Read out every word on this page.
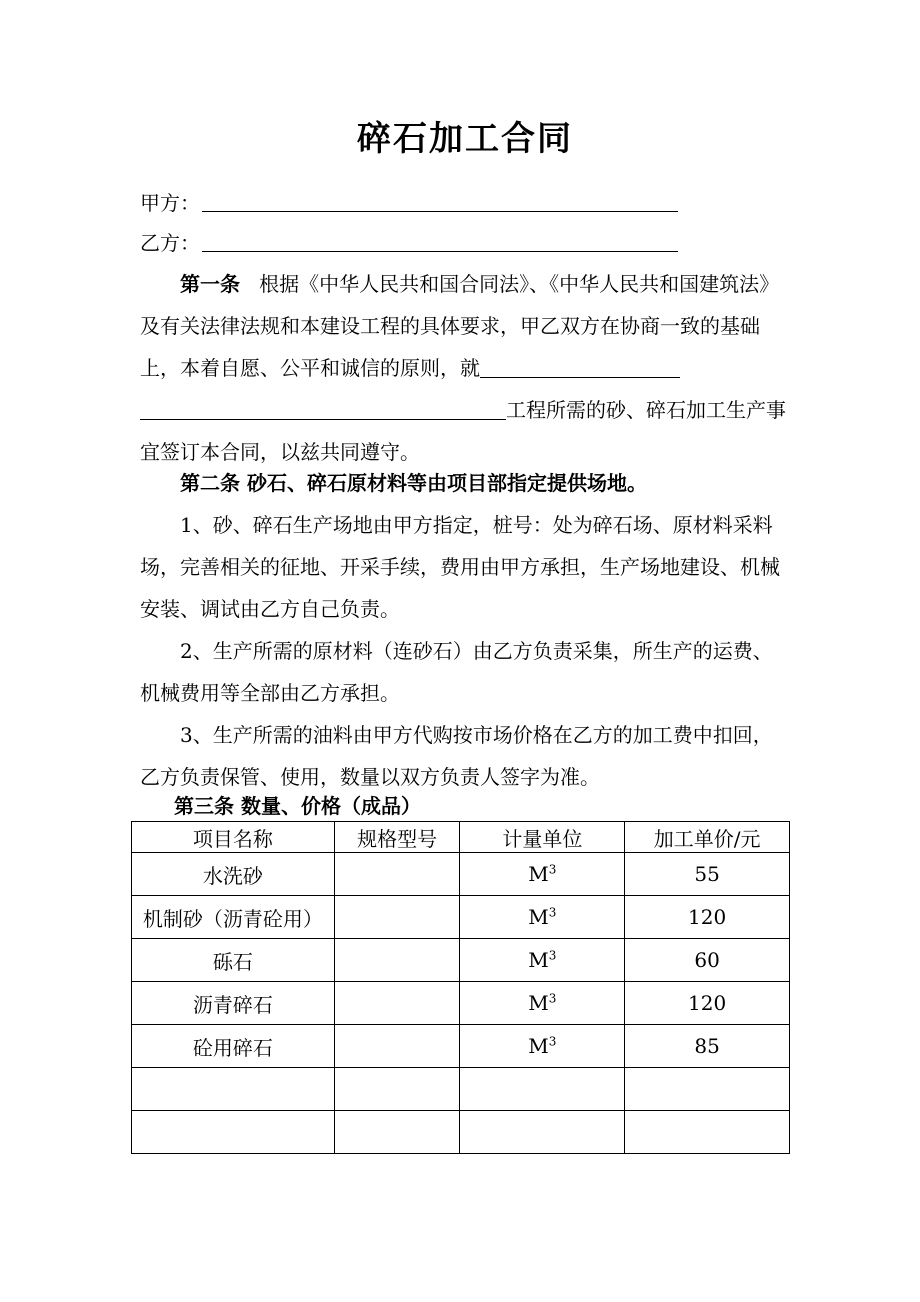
碎石加工合同
甲方：
乙方：

第一条 根据《中华人民共和国合同法》、《中华人民共和国建筑法》及有关法律法规和本建设工程的具体要求，甲乙双方在协商一致的基础上，本着自愿、公平和诚信的原则，就工程所需的砂、碎石加工生产事宜签订本合同，以兹共同遵守。

第二条 砂石、碎石原材料等由项目部指定提供场地。

1、砂、碎石生产场地由甲方指定，桩号：处为碎石场、原材料采料场，完善相关的征地、开采手续，费用由甲方承担，生产场地建设、机械安装、调试由乙方自己负责。

2、生产所需的原材料（连砂石）由乙方负责采集，所生产的运费、机械费用等全部由乙方承担。

3、生产所需的油料由甲方代购按市场价格在乙方的加工费中扣回，乙方负责保管、使用，数量以双方负责人签字为准。

第三条 数量、价格（成品）
项目名称	规格型号	计量单位	加工单价/元
水洗砂		$M^3$	55
机制砂（沥青砼用）		$M^3$	120
砾石		$M^3$	60
沥青碎石		$M^3$	120
砼用碎石		$M^3$	85
